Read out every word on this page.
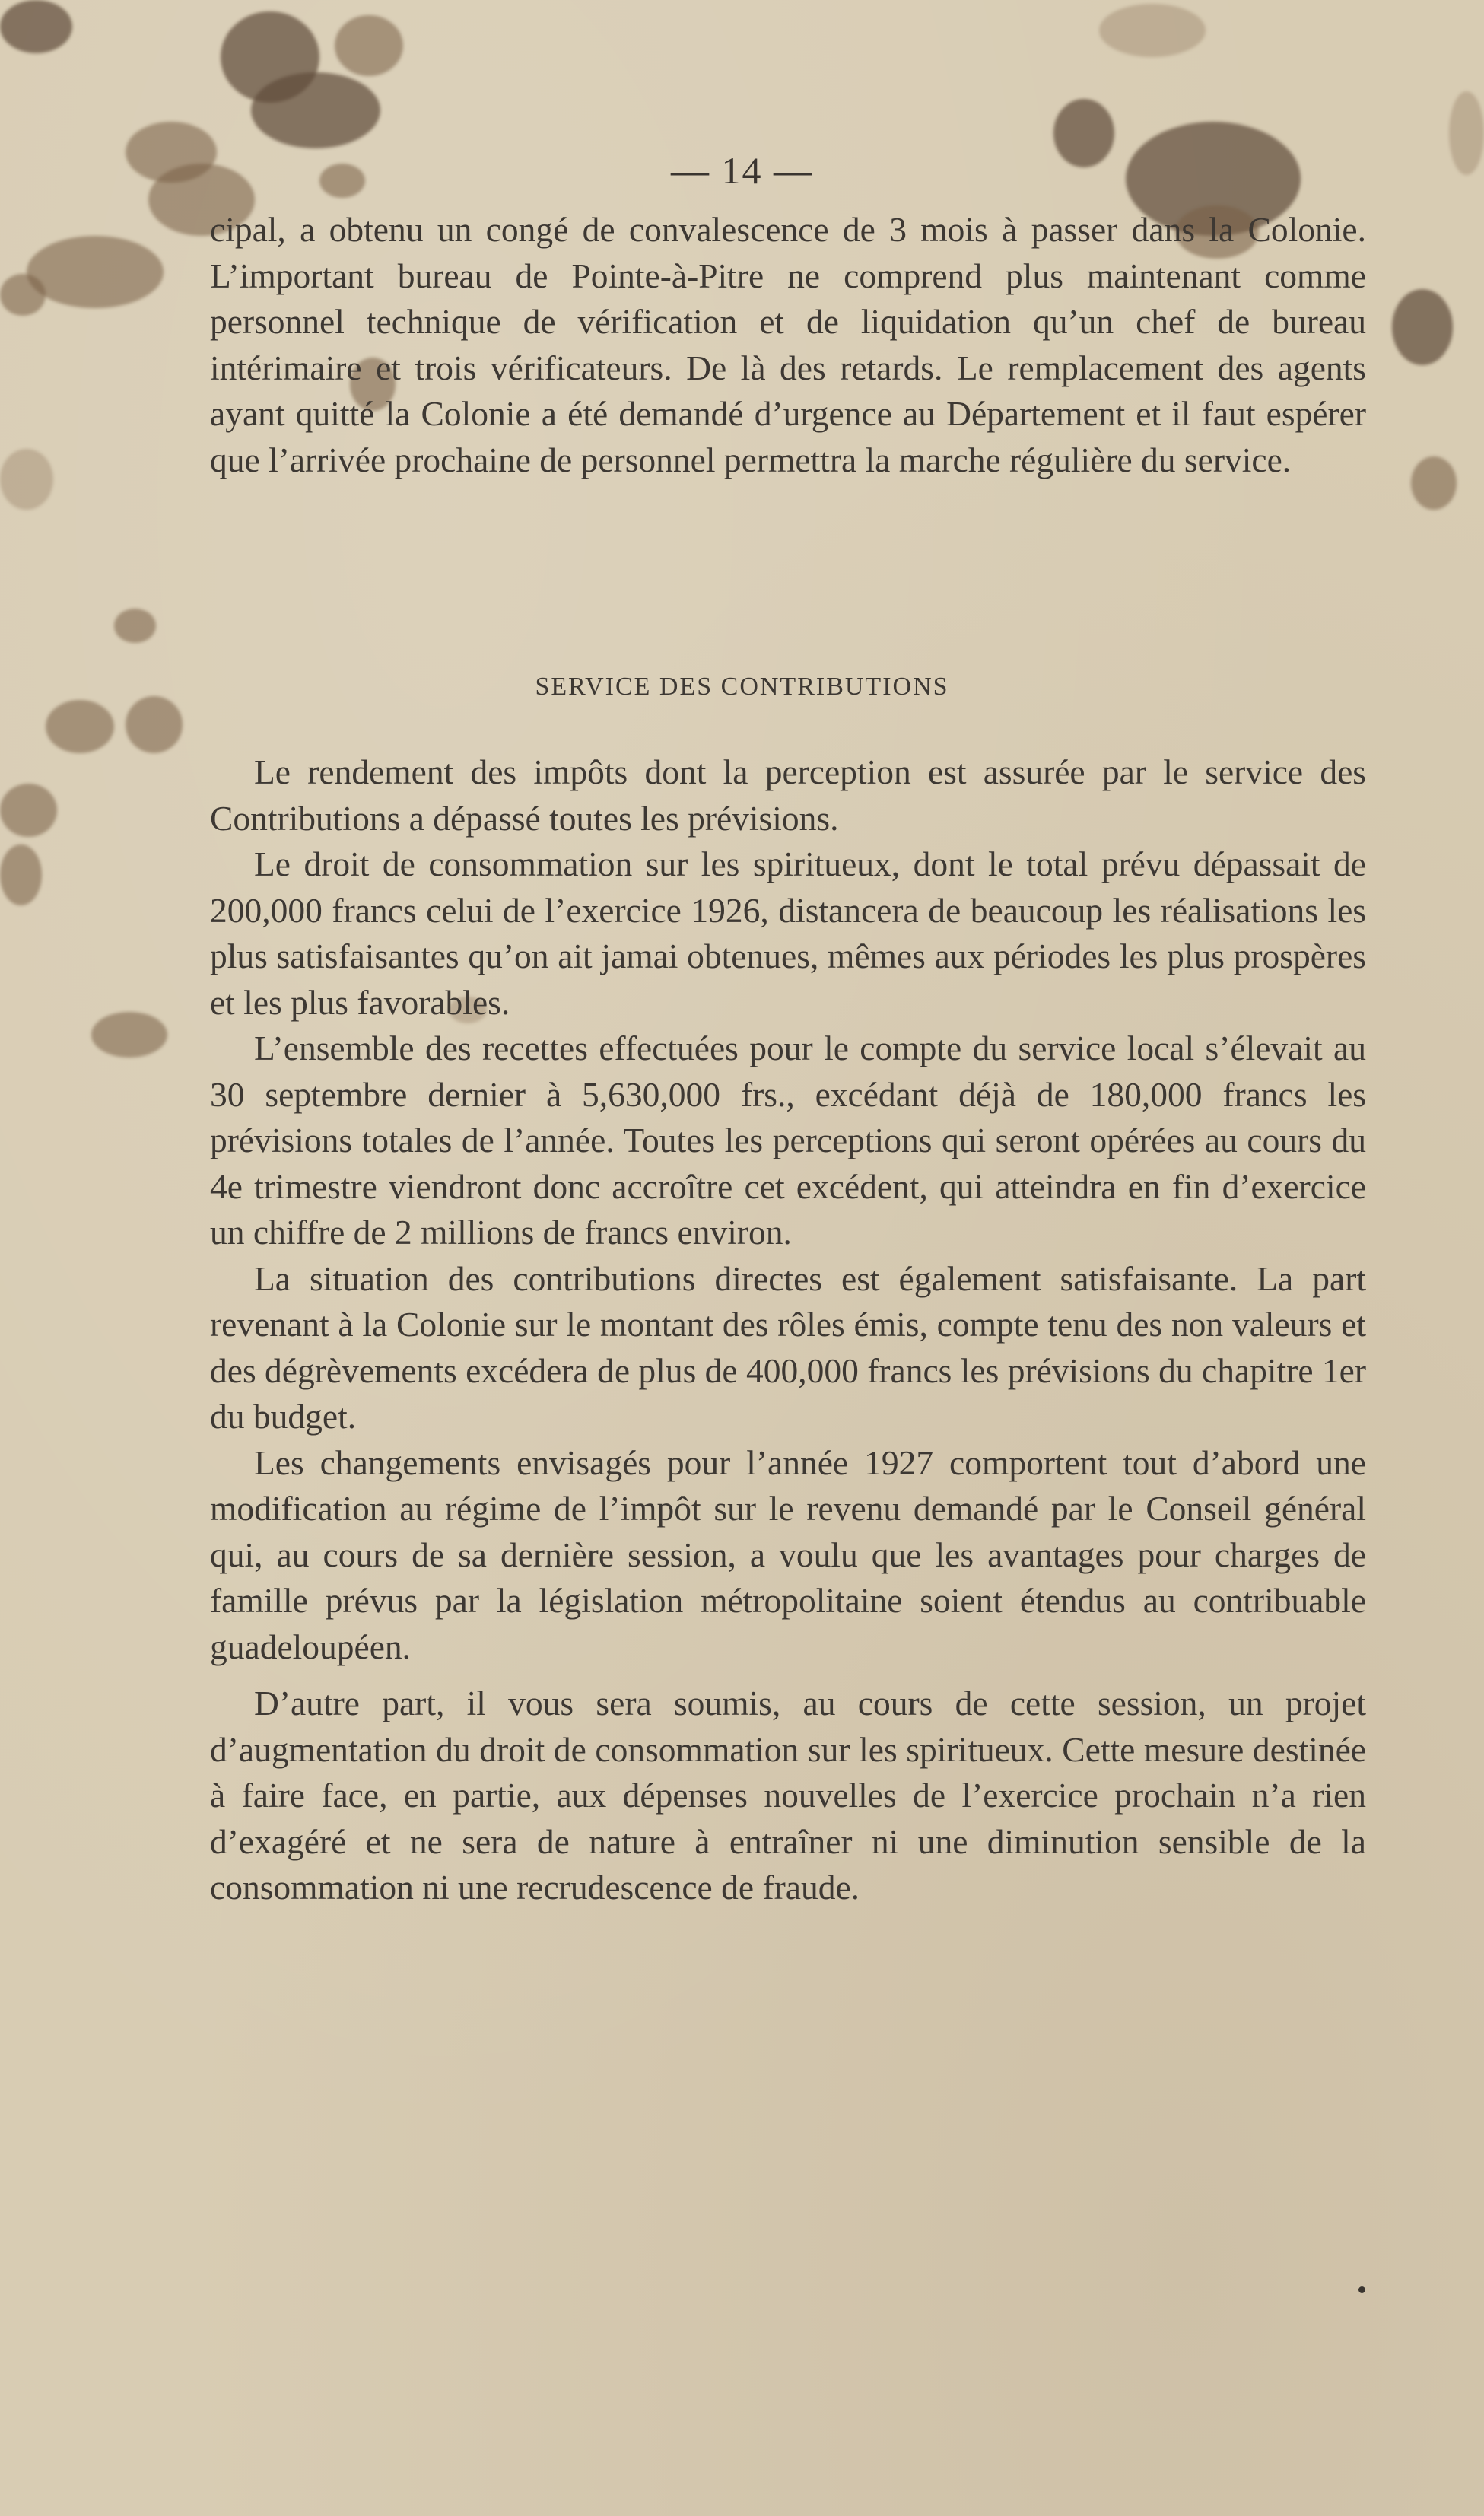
— 14 —

cipal, a obtenu un congé de convalescence de 3 mois à passer dans la Colonie. L’important bureau de Pointe-à-Pitre ne comprend plus maintenant comme personnel technique de vérification et de liquidation qu’un chef de bureau intérimaire et trois vérificateurs. De là des retards. Le remplacement des agents ayant quitté la Colonie a été demandé d’urgence au Département et il faut espérer que l’arrivée prochaine de personnel permettra la marche régulière du service.

SERVICE DES CONTRIBUTIONS

Le rendement des impôts dont la perception est assurée par le service des Contributions a dépassé toutes les prévisions.

Le droit de consommation sur les spiritueux, dont le total prévu dépassait de 200,000 francs celui de l’exercice 1926, distancera de beaucoup les réalisations les plus satisfaisantes qu’on ait jamai obtenues, mêmes aux périodes les plus prospères et les plus favorables.

L’ensemble des recettes effectuées pour le compte du service local s’élevait au 30 septembre dernier à 5,630,000 frs., excédant déjà de 180,000 francs les prévisions totales de l’année. Toutes les perceptions qui seront opérées au cours du 4e trimestre viendront donc accroître cet excédent, qui atteindra en fin d’exercice un chiffre de 2 millions de francs environ.

La situation des contributions directes est également satisfaisante. La part revenant à la Colonie sur le montant des rôles émis, compte tenu des non valeurs et des dégrèvements excédera de plus de 400,000 francs les prévisions du chapitre 1er du budget.

Les changements envisagés pour l’année 1927 comportent tout d’abord une modification au régime de l’impôt sur le revenu demandé par le Conseil général qui, au cours de sa dernière session, a voulu que les avantages pour charges de famille prévus par la législation métropolitaine soient étendus au contribuable guadeloupéen.

D’autre part, il vous sera soumis, au cours de cette session, un projet d’augmentation du droit de consommation sur les spiritueux. Cette mesure destinée à faire face, en partie, aux dépenses nouvelles de l’exercice prochain n’a rien d’exagéré et ne sera de nature à entraîner ni une diminution sensible de la consommation ni une recrudescence de fraude.
